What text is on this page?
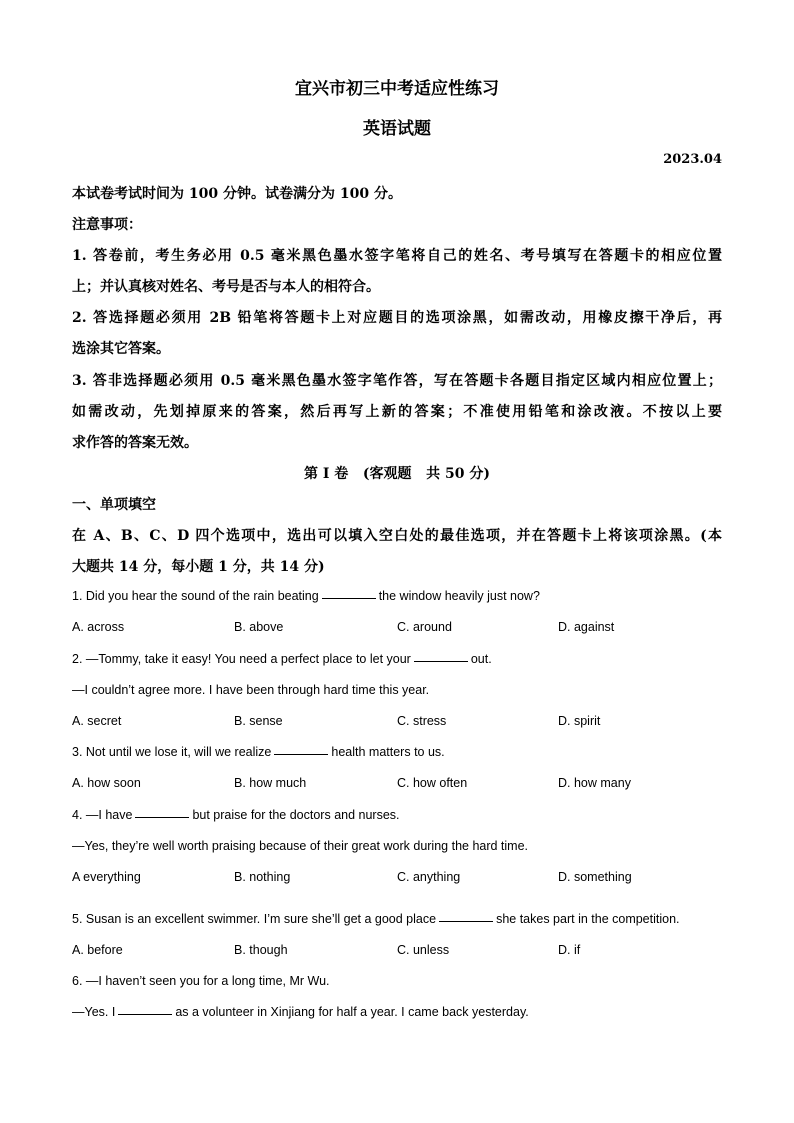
宜兴市初三中考适应性练习
英语试题
2023.04
本试卷考试时间为 100 分钟。试卷满分为 100 分。
注意事项：
1. 答卷前，考生务必用 0.5 毫米黑色墨水签字笔将自己的姓名、考号填写在答题卡的相应位置
上；并认真核对姓名、考号是否与本人的相符合。
2. 答选择题必须用 2B 铅笔将答题卡上对应题目的选项涂黑，如需改动，用橡皮擦干净后，再
选涂其它答案。
3. 答非选择题必须用 0.5 毫米黑色墨水签字笔作答，写在答题卡各题目指定区域内相应位置上；
如需改动，先划掉原来的答案，然后再写上新的答案；不准使用铅笔和涂改液。不按以上要
求作答的答案无效。
第 I 卷   (客观题   共 50 分)
一、单项填空
在 A、B、C、D 四个选项中，选出可以填入空白处的最佳选项，并在答题卡上将该项涂黑。(本
大题共 14 分，每小题 1 分，共 14 分)
1. Did you hear the sound of the rain beating	the window heavily just now?
A. across	B. above	C. around	D. against
2. —Tommy, take it easy! You need a perfect place to let your	out.
—I couldn’t agree more. I have been through hard time this year.
A. secret	B. sense	C. stress	D. spirit
3. Not until we lose it, will we realize	health matters to us.
A. how soon	B. how much	C. how often	D. how many
4. —I have	but praise for the doctors and nurses.
—Yes, they’re well worth praising because of their great work during the hard time.
A everything	B. nothing	C. anything	D. something
5. Susan is an excellent swimmer. I’m sure she’ll get a good place	she takes part in the competition.
A. before	B. though	C. unless	D. if
6. —I haven’t seen you for a long time, Mr Wu.
—Yes. I	as a volunteer in Xinjiang for half a year. I came back yesterday.
